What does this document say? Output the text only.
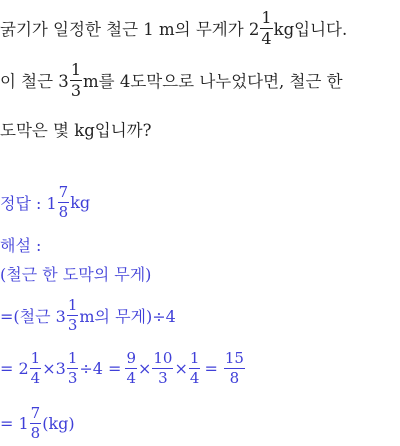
굵기가 일정한 철근 1 m의 무게가 $2 \frac{1}{4}$ kg입니다.
이 철근 $3 \frac{1}{3}$ m를 4도막으로 나누었다면, 철근 한
도막은 몇 kg입니까?
정답 : $1 \frac{7}{8}$ kg
해설 :
(철근 한 도막의 무게)
=(철근 $3 \frac{1}{3}$ m의 무게)÷4
= $2 \frac{1}{4} \times 3 \frac{1}{3} \div 4 = \frac{9}{4} \times \frac{10}{3} \times \frac{1}{4} = \frac{15}{8}$
= $1 \frac{7}{8} (kg)$
